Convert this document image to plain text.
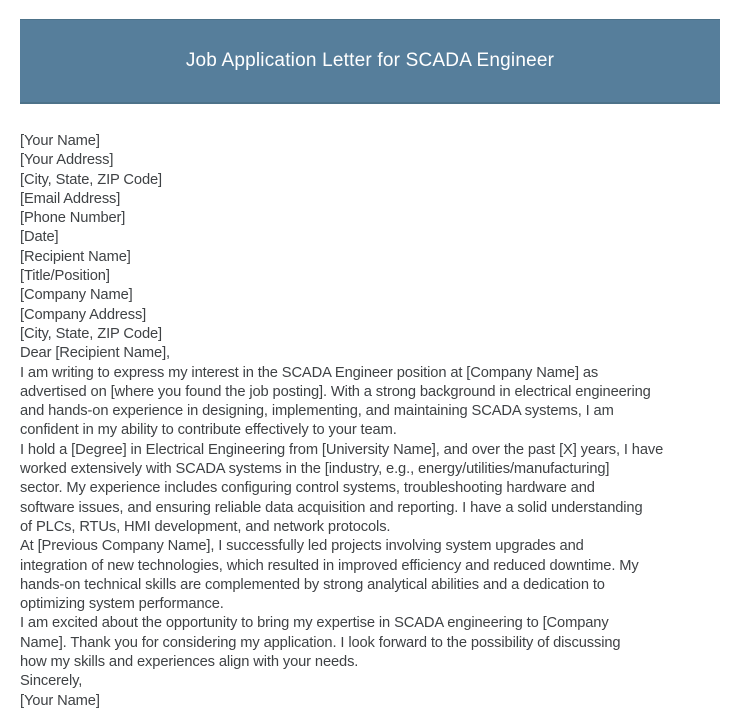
Job Application Letter for SCADA Engineer
[Your Name]
[Your Address]
[City, State, ZIP Code]
[Email Address]
[Phone Number]
[Date]
[Recipient Name]
[Title/Position]
[Company Name]
[Company Address]
[City, State, ZIP Code]
Dear [Recipient Name],
I am writing to express my interest in the SCADA Engineer position at [Company Name] as
advertised on [where you found the job posting]. With a strong background in electrical engineering
and hands-on experience in designing, implementing, and maintaining SCADA systems, I am
confident in my ability to contribute effectively to your team.
I hold a [Degree] in Electrical Engineering from [University Name], and over the past [X] years, I have
worked extensively with SCADA systems in the [industry, e.g., energy/utilities/manufacturing]
sector. My experience includes configuring control systems, troubleshooting hardware and
software issues, and ensuring reliable data acquisition and reporting. I have a solid understanding
of PLCs, RTUs, HMI development, and network protocols.
At [Previous Company Name], I successfully led projects involving system upgrades and
integration of new technologies, which resulted in improved efficiency and reduced downtime. My
hands-on technical skills are complemented by strong analytical abilities and a dedication to
optimizing system performance.
I am excited about the opportunity to bring my expertise in SCADA engineering to [Company
Name]. Thank you for considering my application. I look forward to the possibility of discussing
how my skills and experiences align with your needs.
Sincerely,
[Your Name]
